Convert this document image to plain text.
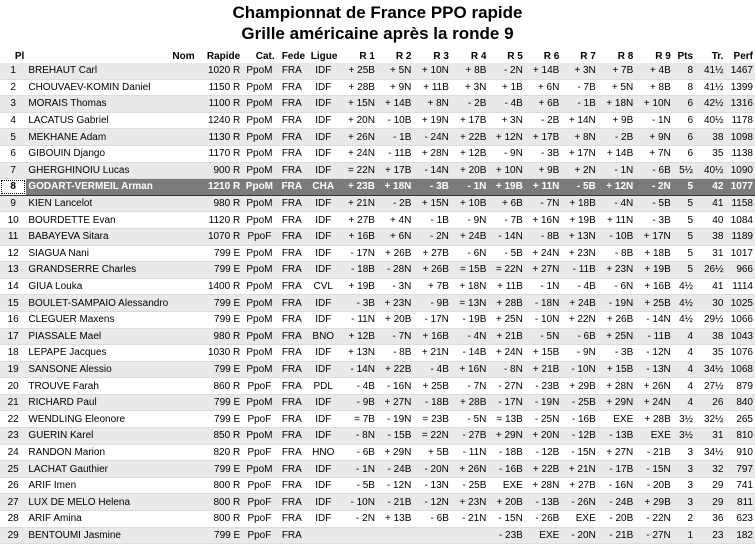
Championnat de France PPO rapide
Grille américaine après la ronde 9
Pl	Nom	Rapide	Cat.	Fede	Ligue	R 1	R 2	R 3	R 4	R 5	R 6	R 7	R 8	R 9	Pts	Tr.	Perf
1	BREHAUT Carl	1020 R	PpoM	FRA	IDF	+ 25B	+ 5N	+ 10N	+ 8B	- 2N	+ 14B	+ 3N	+ 7B	+ 4B	8	41½	1467
2	CHOUVAEV-KOMIN Daniel	1150 R	PpoM	FRA	IDF	+ 28B	+ 9N	+ 11B	+ 3N	+ 1B	+ 6N	- 7B	+ 5N	+ 8B	8	41½	1399
3	MORAIS Thomas	1100 R	PpoM	FRA	IDF	+ 15N	+ 14B	+ 8N	- 2B	- 4B	+ 6B	- 1B	+ 18N	+ 10N	6	42½	1316
4	LACATUS Gabriel	1240 R	PpoM	FRA	IDF	+ 20N	- 10B	+ 19N	+ 17B	+ 3N	- 2B	+ 14N	+ 9B	- 1N	6	40½	1178
5	MEKHANE Adam	1130 R	PpoM	FRA	IDF	+ 26N	- 1B	- 24N	+ 22B	+ 12N	+ 17B	+ 8N	- 2B	+ 9N	6	38	1098
6	GIBOUIN Django	1170 R	PpoM	FRA	IDF	+ 24N	- 11B	+ 28N	+ 12B	- 9N	- 3B	+ 17N	+ 14B	+ 7N	6	35	1138
7	GHERGHINOIU Lucas	900 R	PpoM	FRA	IDF	= 22N	+ 17B	- 14N	+ 20B	+ 10N	+ 9B	+ 2N	- 1N	- 6B	5½	40½	1090
8	GODART-VERMEIL Arman	1210 R	PpoM	FRA	CHA	+ 23B	+ 18N	- 3B	- 1N	+ 19B	+ 11N	- 5B	+ 12N	- 2N	5	42	1077
9	KIEN Lancelot	980 R	PpoM	FRA	IDF	+ 21N	- 2B	+ 15N	+ 10B	+ 6B	- 7N	+ 18B	- 4N	- 5B	5	41	1158
10	BOURDETTE Evan	1120 R	PpoM	FRA	IDF	+ 27B	+ 4N	- 1B	- 9N	- 7B	+ 16N	+ 19B	+ 11N	- 3B	5	40	1084
11	BABAYEVA Sitara	1070 R	PpoF	FRA	IDF	+ 16B	+ 6N	- 2N	+ 24B	- 14N	- 8B	+ 13N	- 10B	+ 17N	5	38	1189
12	SIAGUA Nani	799 E	PpoM	FRA	IDF	- 17N	+ 26B	+ 27B	- 6N	- 5B	+ 24N	+ 23N	- 8B	+ 18B	5	31	1017
13	GRANDSERRE Charles	799 E	PpoM	FRA	IDF	- 18B	- 28N	+ 26B	= 15B	= 22N	+ 27N	- 11B	+ 23N	+ 19B	5	26½	966
14	GIUA Louka	1400 R	PpoM	FRA	CVL	+ 19B	- 3N	+ 7B	+ 18N	+ 11B	- 1N	- 4B	- 6N	+ 16B	4½	41	1114
15	BOULET-SAMPAIO Alessandro	799 E	PpoM	FRA	IDF	- 3B	+ 23N	- 9B	= 13N	+ 28B	- 18N	+ 24B	- 19N	+ 25B	4½	30	1025
16	CLEGUER Maxens	799 E	PpoM	FRA	IDF	- 11N	+ 20B	- 17N	- 19B	+ 25N	- 10N	+ 22N	+ 26B	- 14N	4½	29½	1066
17	PIASSALE Mael	980 R	PpoM	FRA	BNO	+ 12B	- 7N	+ 16B	- 4N	+ 21B	- 5N	- 6B	+ 25N	- 11B	4	38	1043
18	LEPAPE Jacques	1030 R	PpoM	FRA	IDF	+ 13N	- 8B	+ 21N	- 14B	+ 24N	+ 15B	- 9N	- 3B	- 12N	4	35	1076
19	SANSONE Alessio	799 E	PpoM	FRA	IDF	- 14N	+ 22B	- 4B	+ 16N	- 8N	+ 21B	- 10N	+ 15B	- 13N	4	34½	1068
20	TROUVE Farah	860 R	PpoF	FRA	PDL	- 4B	- 16N	+ 25B	- 7N	- 27N	- 23B	+ 29B	+ 28N	+ 26N	4	27½	879
21	RICHARD Paul	799 E	PpoM	FRA	IDF	- 9B	+ 27N	- 18B	+ 28B	- 17N	- 19N	- 25B	+ 29N	+ 24N	4	26	840
22	WENDLING Eleonore	799 E	PpoF	FRA	IDF	= 7B	- 19N	= 23B	- 5N	= 13B	- 25N	- 16B	EXE	+ 28B	3½	32½	265
23	GUERIN Karel	850 R	PpoM	FRA	IDF	- 8N	- 15B	= 22N	- 27B	+ 29N	+ 20N	- 12B	- 13B	EXE	3½	31	810
24	RANDON Marion	820 R	PpoF	FRA	HNO	- 6B	+ 29N	+ 5B	- 11N	- 18B	- 12B	- 15N	+ 27N	- 21B	3	34½	910
25	LACHAT Gauthier	799 E	PpoM	FRA	IDF	- 1N	- 24B	- 20N	+ 26N	- 16B	+ 22B	+ 21N	- 17B	- 15N	3	32	797
26	ARIF Imen	800 R	PpoF	FRA	IDF	- 5B	- 12N	- 13N	- 25B	EXE	+ 28N	+ 27B	- 16N	- 20B	3	29	741
27	LUX DE MELO Helena	800 R	PpoF	FRA	IDF	- 10N	- 21B	- 12N	+ 23N	+ 20B	- 13B	- 26N	- 24B	+ 29B	3	29	811
28	ARIF Amina	800 R	PpoF	FRA	IDF	- 2N	+ 13B	- 6B	- 21N	- 15N	- 26B	EXE	- 20B	- 22N	2	36	623
29	BENTOUMI Jasmine	799 E	PpoF	FRA						- 23B	EXE	- 20N	- 21B	- 27N	1	23	182
